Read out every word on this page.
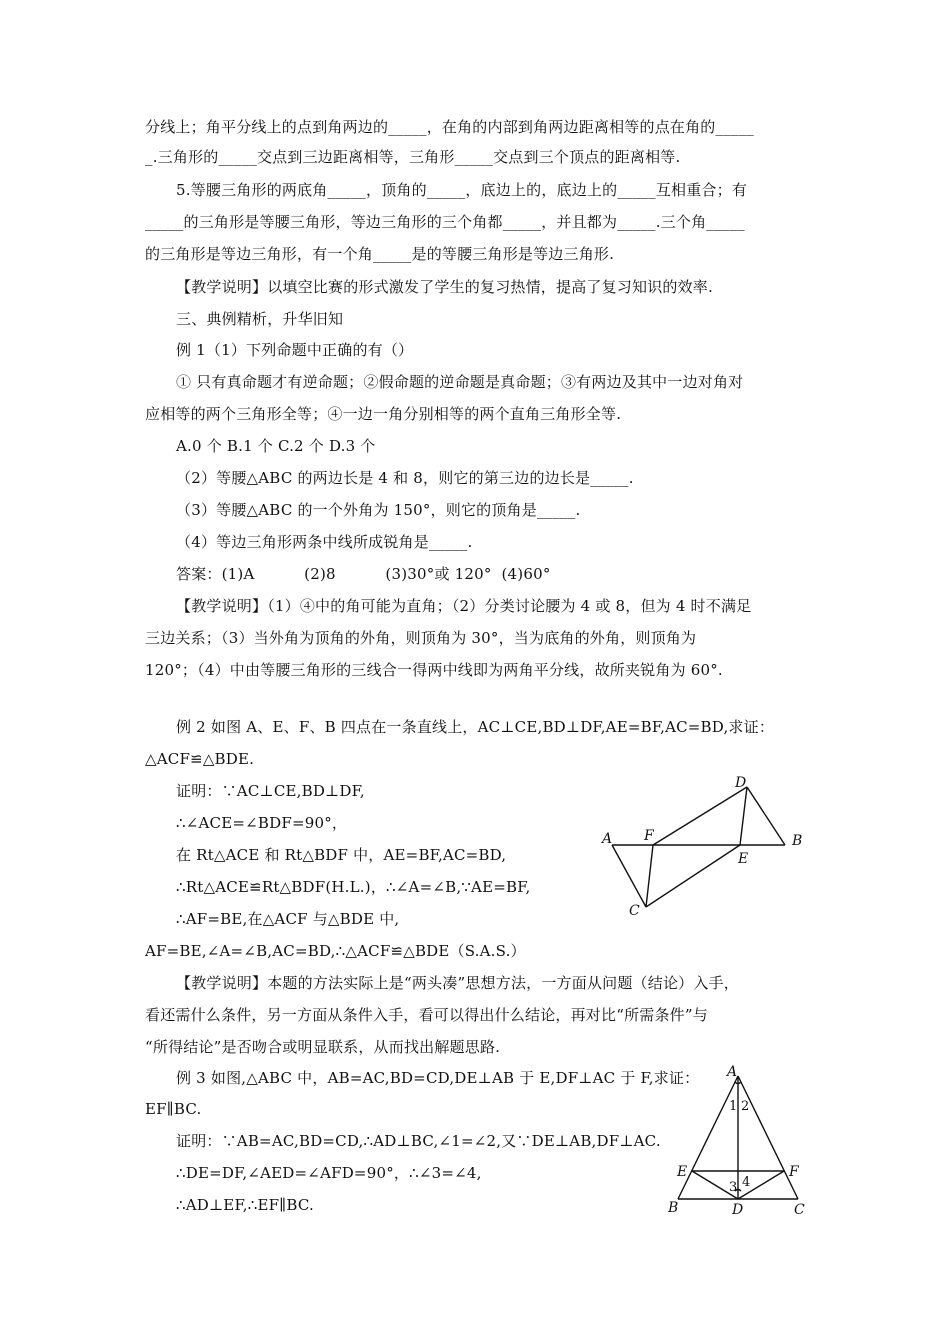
分线上；角平分线上的点到角两边的_____，在角的内部到角两边距离相等的点在角的_____
_.三角形的_____交点到三边距离相等，三角形_____交点到三个顶点的距离相等.
5.等腰三角形的两底角_____，顶角的_____，底边上的，底边上的_____互相重合；有
_____的三角形是等腰三角形，等边三角形的三个角都_____，并且都为_____.三个角_____
的三角形是等边三角形，有一个角_____是的等腰三角形是等边三角形.
【教学说明】以填空比赛的形式激发了学生的复习热情，提高了复习知识的效率.
三、典例精析，升华旧知
例 1（1）下列命题中正确的有（）
① 只有真命题才有逆命题；②假命题的逆命题是真命题；③有两边及其中一边对角对
应相等的两个三角形全等；④一边一角分别相等的两个直角三角形全等.
A.0 个 B.1 个 C.2 个 D.3 个
（2）等腰△ABC 的两边长是 4 和 8，则它的第三边的边长是_____.
（3）等腰△ABC 的一个外角为 150°，则它的顶角是_____.
（4）等边三角形两条中线所成锐角是_____.
答案：(1)A          (2)8          (3)30°或 120°  (4)60°
【教学说明】（1）④中的角可能为直角；（2）分类讨论腰为 4 或 8，但为 4 时不满足
三边关系；（3）当外角为顶角的外角，则顶角为 30°，当为底角的外角，则顶角为
120°；（4）中由等腰三角形的三线合一得两中线即为两角平分线，故所夹锐角为 60°.
例 2 如图 A、E、F、B 四点在一条直线上，AC⊥CE,BD⊥DF,AE=BF,AC=BD,求证：
△ACF≌△BDE.
证明：∵AC⊥CE,BD⊥DF,
∴∠ACE=∠BDF=90°，
在 Rt△ACE 和 Rt△BDF 中，AE=BF,AC=BD,
∴Rt△ACE≌Rt△BDF(H.L.)，∴∠A=∠B,∵AE=BF,
∴AF=BE,在△ACF 与△BDE 中,
AF=BE,∠A=∠B,AC=BD,∴△ACF≌△BDE（S.A.S.）
【教学说明】本题的方法实际上是“两头凑”思想方法，一方面从问题（结论）入手，
看还需什么条件，另一方面从条件入手，看可以得出什么结论，再对比“所需条件”与
“所得结论”是否吻合或明显联系，从而找出解题思路.
例 3 如图,△ABC 中，AB=AC,BD=CD,DE⊥AB 于 E,DF⊥AC 于 F,求证：
EF∥BC.
证明：∵AB=AC,BD=CD,∴AD⊥BC,∠1=∠2,又∵DE⊥AB,DF⊥AC.
∴DE=DF,∠AED=∠AFD=90°，∴∠3=∠4,
∴AD⊥EF,∴EF∥BC.
A F
E
B
C
D
A
E	F
B	D	C
1 2
3 4
